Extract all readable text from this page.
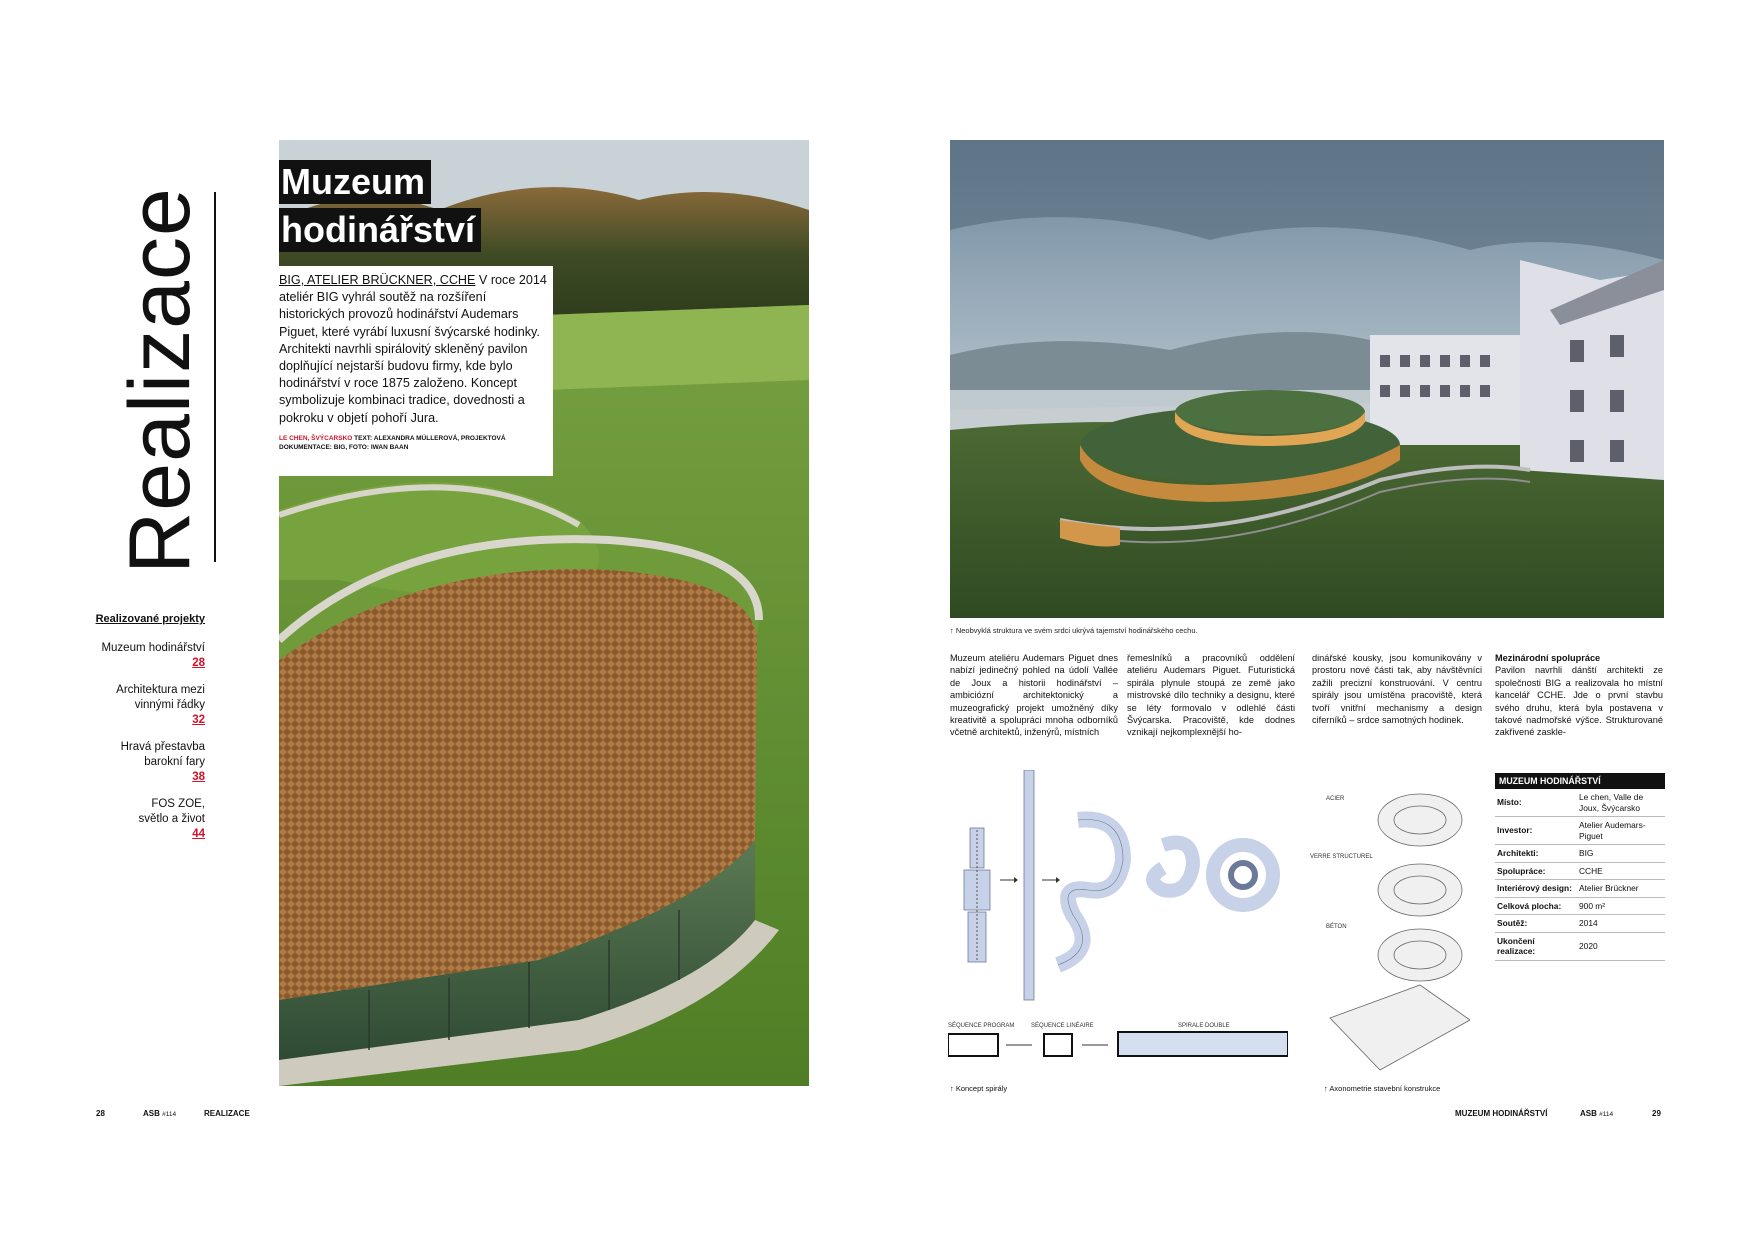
Realizace
Realizované projekty
Muzeum hodinářství
28
Architektura mezi vinnými řádky
32
Hravá přestavba barokní fary
38
FOS ZOE, světlo a život
44
Muzeum
hodinářství
BIG, ATELIER BRÜCKNER, CCHE V roce 2014 ateliér BIG vyhrál soutěž na rozšíření historických provozů hodinářství Audemars Piguet, které vyrábí luxusní švýcarské hodinky. Architekti navrhli spirálovitý skleněný pavilon doplňující nejstarší budovu firmy, kde bylo hodinářství v roce 1875 založeno. Koncept symbolizuje kombinaci tradice, dovednosti a pokroku v objetí pohoří Jura.
LE CHEN, ŠVÝCARSKO TEXT: ALEXANDRA MÜLLEROVÁ, PROJEKTOVÁ DOKUMENTACE: BIG, FOTO: IWAN BAAN
28	ASB #114	REALIZACE
↑ Neobvyklá struktura ve svém srdci ukrývá tajemství hodinářského cechu.
Muzeum ateliéru Audemars Piguet dnes nabízí jedinečný pohled na údolí Vallée de Joux a historii hodinářství – ambiciózní architektonický a muzeografický projekt umožněný díky kreativitě a spolupráci mnoha odborníků včetně architektů, inženýrů, místních
řemeslníků a pracovníků oddělení ateliéru Audemars Piguet. Futuristická spirála plynule stoupá ze země jako mistrovské dílo techniky a designu, které se léty formovalo v odlehlé části Švýcarska. Pracoviště, kde dodnes vznikají nejkomplexnější ho-
dinářské kousky, jsou komunikovány v prostoru nové části tak, aby návštěvníci zažili precizní konstruování. V centru spirály jsou umístěna pracoviště, která tvoří vnitřní mechanismy a design ciferníků – srdce samotných hodinek.
Mezinárodní spolupráce
Pavilon navrhli dánští architekti ze společnosti BIG a realizovala ho místní kancelář CCHE. Jde o první stavbu svého druhu, která byla postavena v takové nadmořské výšce. Strukturované zakřivené zaskle-
SÉQUENCE PROGRAM	SÉQUENCE LINÉAIRE	SPIRALE DOUBLE
↑ Koncept spirály
ACIER
VERRE STRUCTUREL
BÉTON
↑ Axonometrie stavební konstrukce
MUZEUM HODINÁŘSTVÍ
Místo:	Le chen, Valle de Joux, Švýcarsko
Investor:	Atelier Audemars-Piguet
Architekti:	BIG
Spolupráce:	CCHE
Interiérový design:	Atelier Brückner
Celková plocha:	900 m²
Soutěž:	2014
Ukončení realizace:	2020
MUZEUM HODINÁŘSTVÍ	ASB #114	29
